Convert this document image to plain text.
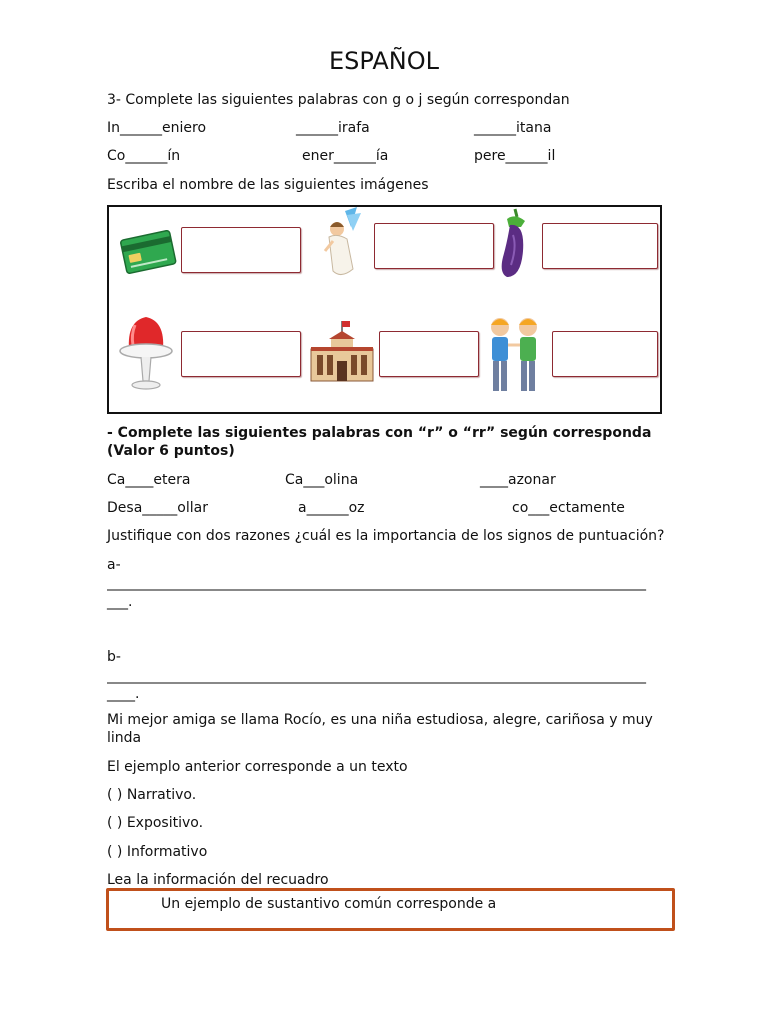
ESPAÑOL
3- Complete las siguientes palabras con g o j según correspondan
In______eniero	______irafa	______itana
Co______ín	ener______ía	pere______il
Escriba el nombre de las siguientes imágenes
- Complete las siguientes palabras con “r” o “rr” según corresponda (Valor 6 puntos)
Ca____etera	Ca___olina	____azonar
Desa_____ollar	a______oz	co___ectamente
Justifique con dos razones ¿cuál es la importancia de los signos de puntuación?
a-
_____________________________________________________________________________
___.
b-
_____________________________________________________________________________
____.
Mi mejor amiga se llama Rocío, es una niña estudiosa, alegre, cariñosa y muy linda
El ejemplo anterior corresponde a un texto
( ) Narrativo.
( ) Expositivo.
( ) Informativo
Lea la información del recuadro
Un ejemplo de sustantivo común corresponde a
